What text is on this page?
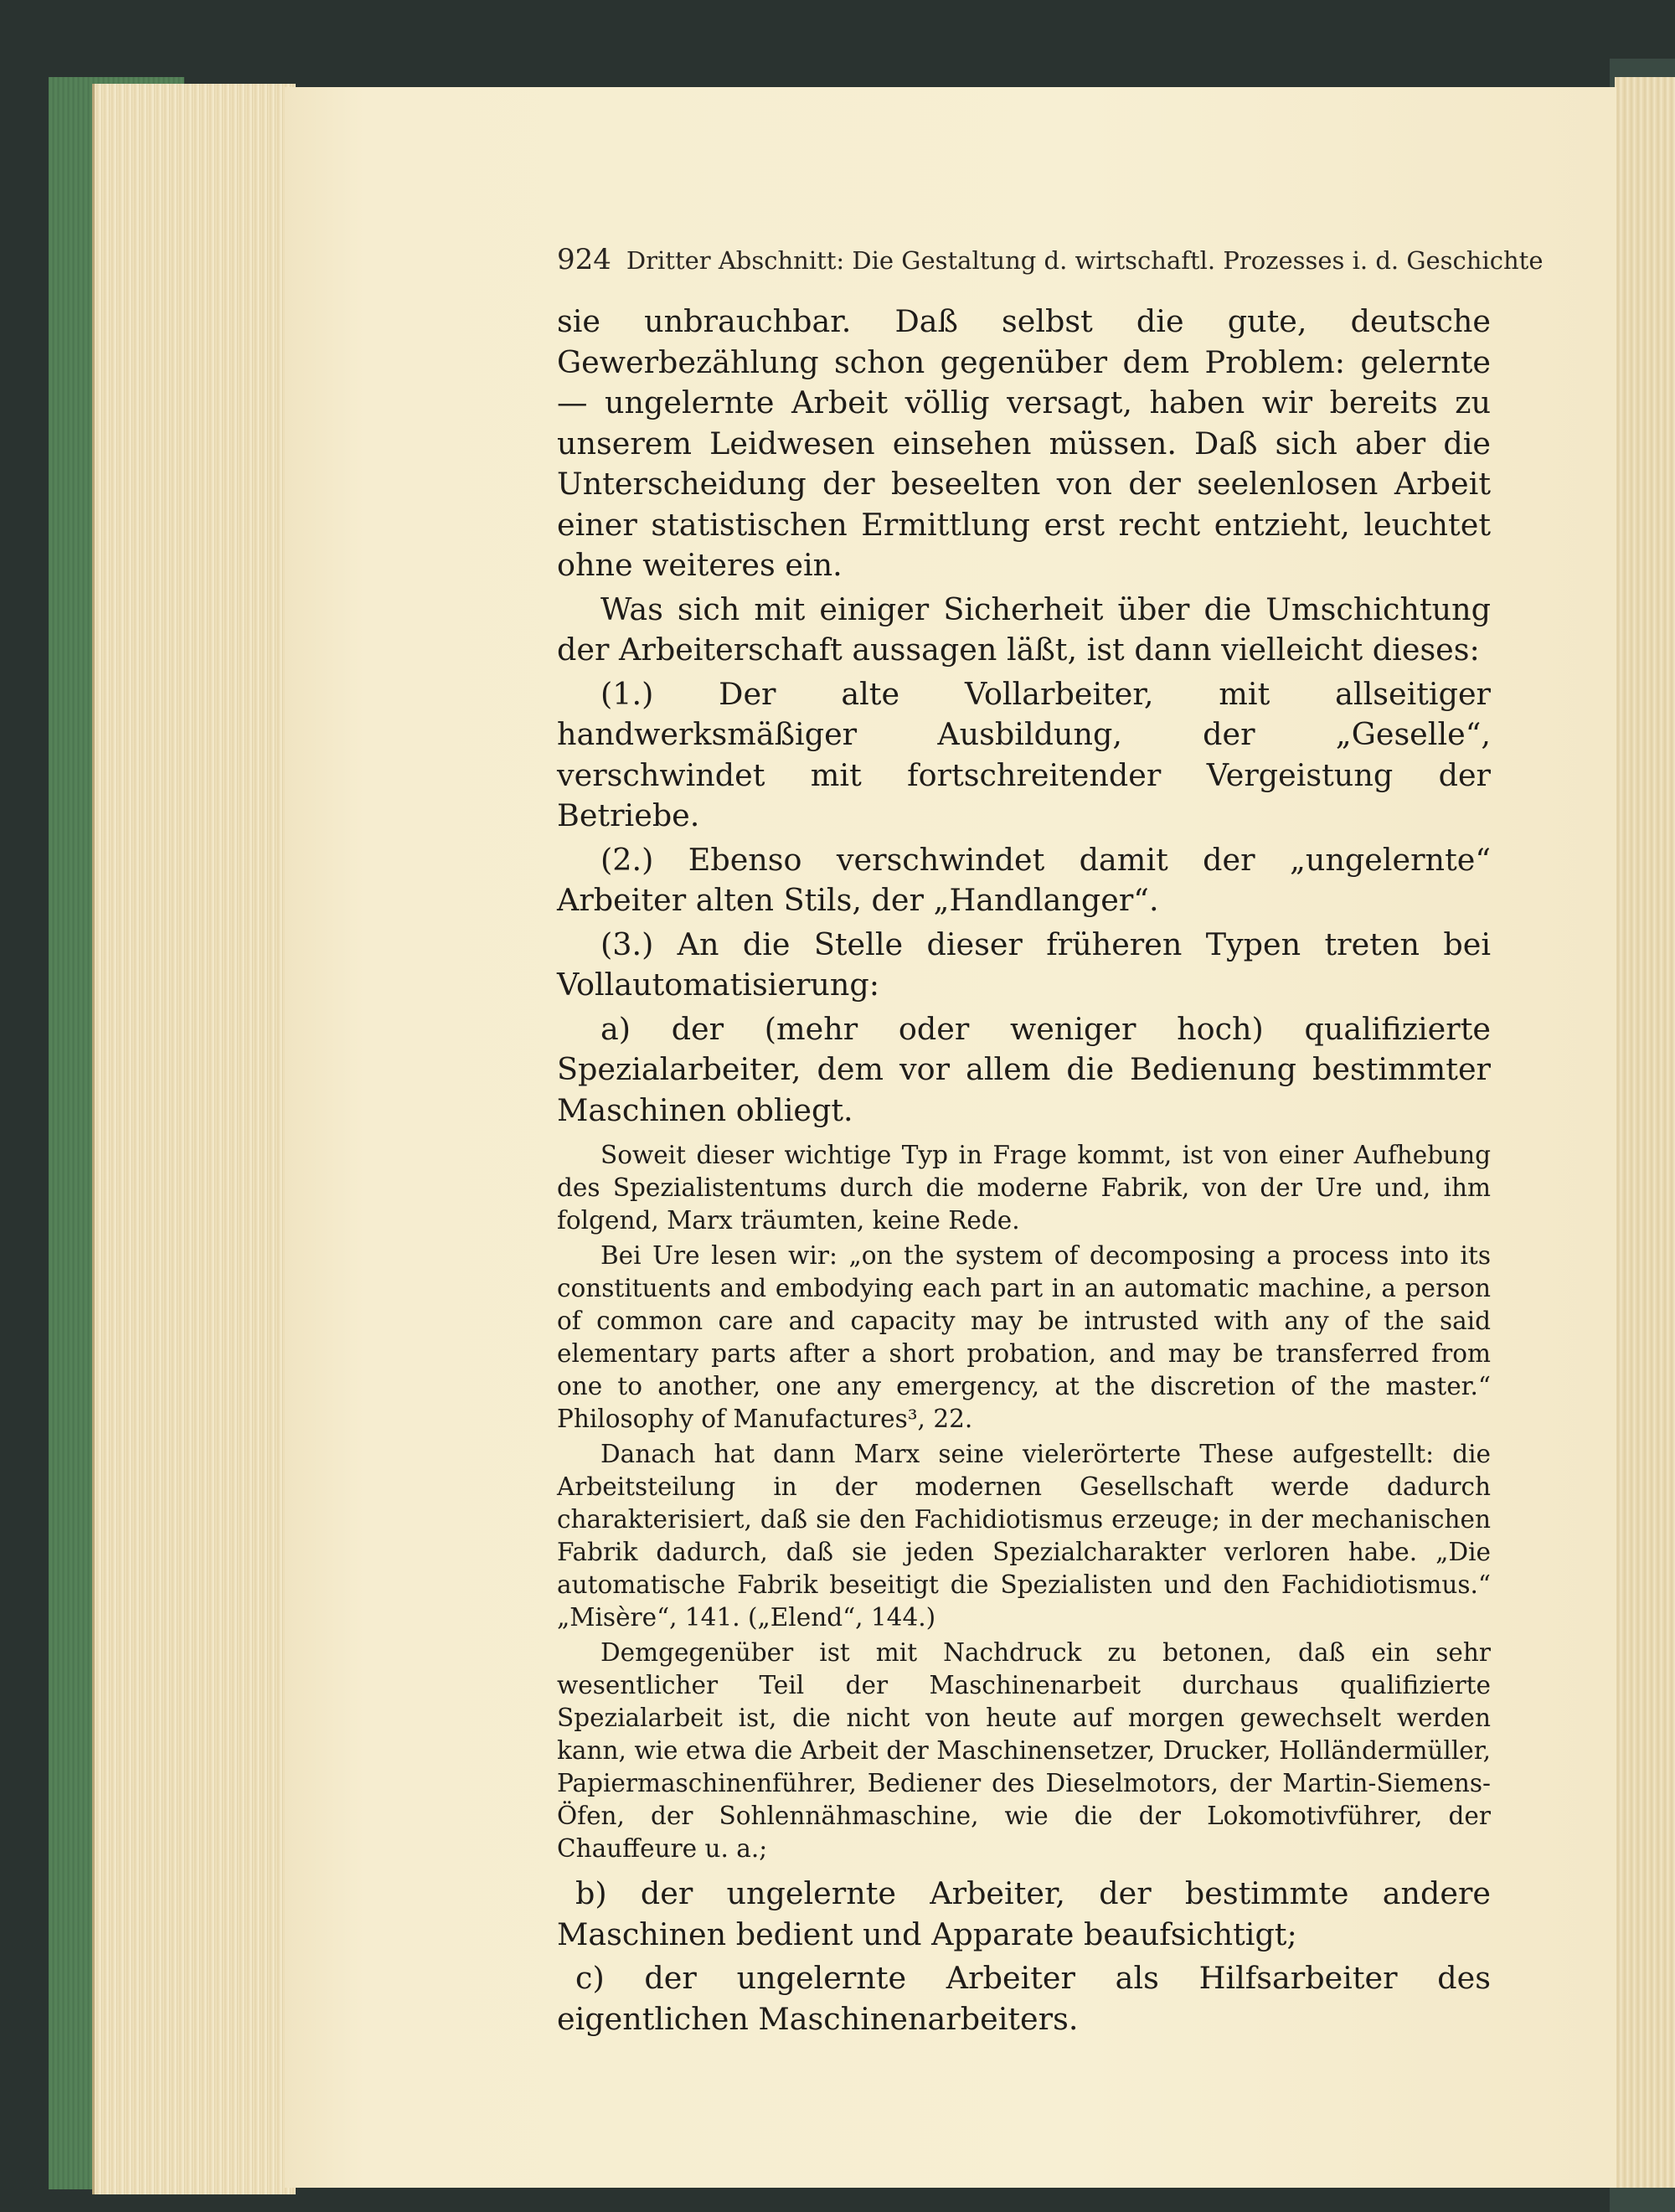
924 Dritter Abschnitt: Die Gestaltung d. wirtschaftl. Prozesses i. d. Geschichte

sie unbrauchbar. Daß selbst die gute, deutsche Gewerbezählung schon gegenüber dem Problem: gelernte — ungelernte Arbeit völlig versagt, haben wir bereits zu unserem Leidwesen einsehen müssen. Daß sich aber die Unterscheidung der beseelten von der seelenlosen Arbeit einer statistischen Ermittlung erst recht entzieht, leuchtet ohne weiteres ein.

Was sich mit einiger Sicherheit über die Umschichtung der Arbeiterschaft aussagen läßt, ist dann vielleicht dieses:

(1.) Der alte Vollarbeiter, mit allseitiger handwerksmäßiger Ausbildung, der „Geselle“, verschwindet mit fortschreitender Vergeistung der Betriebe.

(2.) Ebenso verschwindet damit der „ungelernte“ Arbeiter alten Stils, der „Handlanger“.

(3.) An die Stelle dieser früheren Typen treten bei Vollautomatisierung:

a) der (mehr oder weniger hoch) qualifizierte Spezialarbeiter, dem vor allem die Bedienung bestimmter Maschinen obliegt.

Soweit dieser wichtige Typ in Frage kommt, ist von einer Aufhebung des Spezialistentums durch die moderne Fabrik, von der Ure und, ihm folgend, Marx träumten, keine Rede.

Bei Ure lesen wir: „on the system of decomposing a process into its constituents and embodying each part in an automatic machine, a person of common care and capacity may be intrusted with any of the said elementary parts after a short probation, and may be transferred from one to another, one any emergency, at the discretion of the master.“ Philosophy of Manufactures³, 22.

Danach hat dann Marx seine vielerörterte These aufgestellt: die Arbeitsteilung in der modernen Gesellschaft werde dadurch charakterisiert, daß sie den Fachidiotismus erzeuge; in der mechanischen Fabrik dadurch, daß sie jeden Spezialcharakter verloren habe. „Die automatische Fabrik beseitigt die Spezialisten und den Fachidiotismus.“ „Misère“, 141. („Elend“, 144.)

Demgegenüber ist mit Nachdruck zu betonen, daß ein sehr wesentlicher Teil der Maschinenarbeit durchaus qualifizierte Spezialarbeit ist, die nicht von heute auf morgen gewechselt werden kann, wie etwa die Arbeit der Maschinensetzer, Drucker, Holländermüller, Papiermaschinenführer, Bediener des Dieselmotors, der Martin-Siemens-Öfen, der Sohlennähmaschine, wie die der Lokomotivführer, der Chauffeure u. a.;

b) der ungelernte Arbeiter, der bestimmte andere Maschinen bedient und Apparate beaufsichtigt;

c) der ungelernte Arbeiter als Hilfsarbeiter des eigentlichen Maschinenarbeiters.
